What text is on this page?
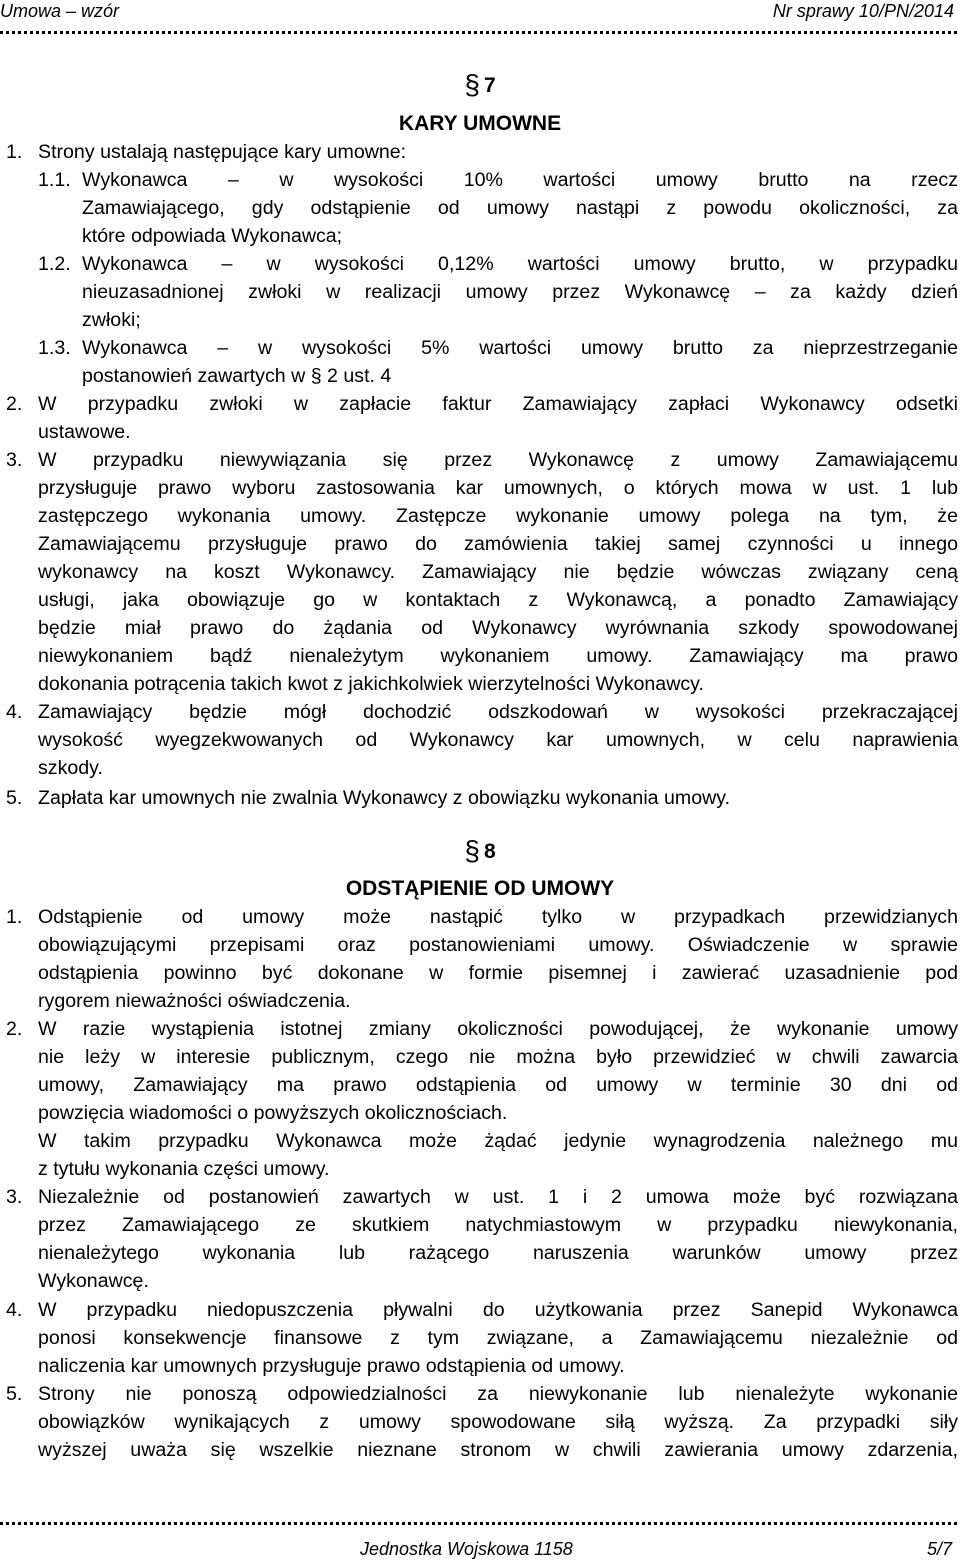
Umowa – wzór	Nr sprawy 10/PN/2014
§ 7
KARY UMOWNE
1. Strony ustalają następujące kary umowne:
1.1. Wykonawca – w wysokości 10% wartości umowy brutto na rzecz
Zamawiającego, gdy odstąpienie od umowy nastąpi z powodu okoliczności, za
które odpowiada Wykonawca;
1.2. Wykonawca – w wysokości 0,12% wartości umowy brutto, w przypadku
nieuzasadnionej zwłoki w realizacji umowy przez Wykonawcę – za każdy dzień
zwłoki;
1.3. Wykonawca – w wysokości 5% wartości umowy brutto za nieprzestrzeganie
postanowień zawartych w § 2 ust. 4
2. W przypadku zwłoki w zapłacie faktur Zamawiający zapłaci Wykonawcy odsetki
ustawowe.
3. W przypadku niewywiązania się przez Wykonawcę z umowy Zamawiającemu
przysługuje prawo wyboru zastosowania kar umownych, o których mowa w ust. 1 lub
zastępczego wykonania umowy. Zastępcze wykonanie umowy polega na tym, że
Zamawiającemu przysługuje prawo do zamówienia takiej samej czynności u innego
wykonawcy na koszt Wykonawcy. Zamawiający nie będzie wówczas związany ceną
usługi, jaka obowiązuje go w kontaktach z Wykonawcą, a ponadto Zamawiający
będzie miał prawo do żądania od Wykonawcy wyrównania szkody spowodowanej
niewykonaniem bądź nienależytym wykonaniem umowy. Zamawiający ma prawo
dokonania potrącenia takich kwot z jakichkolwiek wierzytelności Wykonawcy.
4. Zamawiający będzie mógł dochodzić odszkodowań w wysokości przekraczającej
wysokość wyegzekwowanych od Wykonawcy kar umownych, w celu naprawienia
szkody.
5. Zapłata kar umownych nie zwalnia Wykonawcy z obowiązku wykonania umowy.
§ 8
ODSTĄPIENIE OD UMOWY
1. Odstąpienie od umowy może nastąpić tylko w przypadkach przewidzianych
obowiązującymi przepisami oraz postanowieniami umowy. Oświadczenie w sprawie
odstąpienia powinno być dokonane w formie pisemnej i zawierać uzasadnienie pod
rygorem nieważności oświadczenia.
2. W razie wystąpienia istotnej zmiany okoliczności powodującej, że wykonanie umowy
nie leży w interesie publicznym, czego nie można było przewidzieć w chwili zawarcia
umowy, Zamawiający ma prawo odstąpienia od umowy w terminie 30 dni od
powzięcia wiadomości o powyższych okolicznościach.
W takim przypadku Wykonawca może żądać jedynie wynagrodzenia należnego mu
z tytułu wykonania części umowy.
3. Niezależnie od postanowień zawartych w ust. 1 i 2 umowa może być rozwiązana
przez Zamawiającego ze skutkiem natychmiastowym w przypadku niewykonania,
nienależytego wykonania lub rażącego naruszenia warunków umowy przez
Wykonawcę.
4. W przypadku niedopuszczenia pływalni do użytkowania przez Sanepid Wykonawca
ponosi konsekwencje finansowe z tym związane, a Zamawiającemu niezależnie od
naliczenia kar umownych przysługuje prawo odstąpienia od umowy.
5. Strony nie ponoszą odpowiedzialności za niewykonanie lub nienależyte wykonanie
obowiązków wynikających z umowy spowodowane siłą wyższą. Za przypadki siły
wyższej uważa się wszelkie nieznane stronom w chwili zawierania umowy zdarzenia,
Jednostka Wojskowa 1158	5/7
